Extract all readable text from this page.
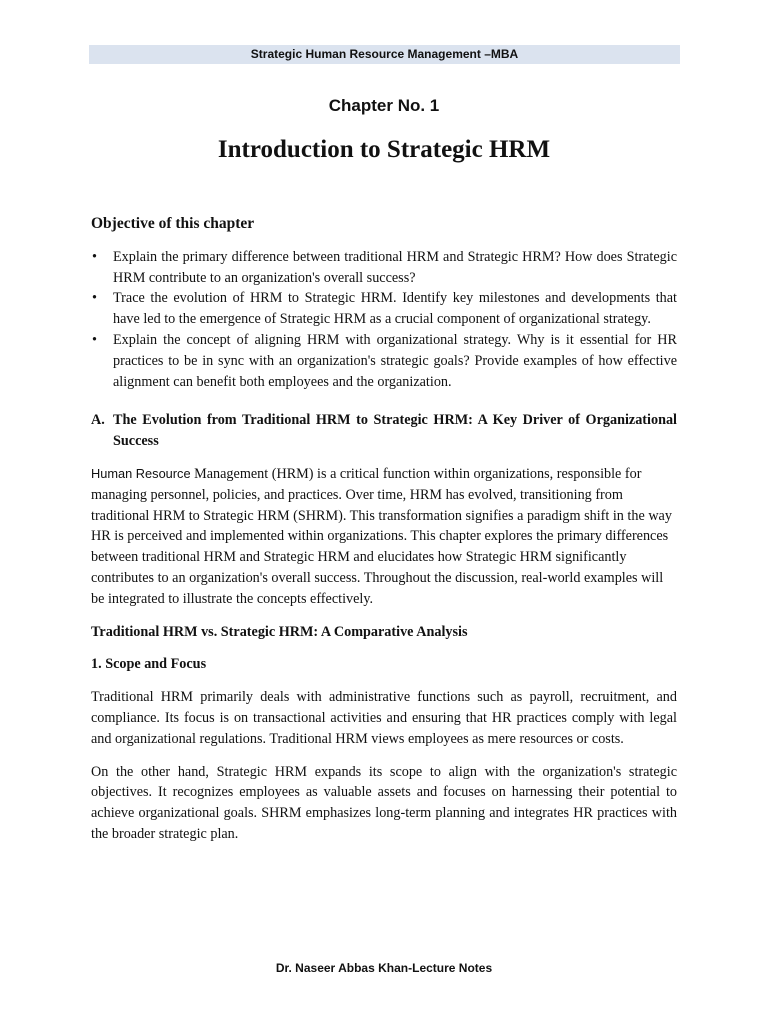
Strategic Human Resource Management –MBA
Chapter No. 1
Introduction to Strategic HRM
Objective of this chapter
• Explain the primary difference between traditional HRM and Strategic HRM? How does Strategic HRM contribute to an organization's overall success?
• Trace the evolution of HRM to Strategic HRM. Identify key milestones and developments that have led to the emergence of Strategic HRM as a crucial component of organizational strategy.
• Explain the concept of aligning HRM with organizational strategy. Why is it essential for HR practices to be in sync with an organization's strategic goals? Provide examples of how effective alignment can benefit both employees and the organization.
A. The Evolution from Traditional HRM to Strategic HRM: A Key Driver of Organizational Success

Human Resource Management (HRM) is a critical function within organizations, responsible for managing personnel, policies, and practices. Over time, HRM has evolved, transitioning from traditional HRM to Strategic HRM (SHRM). This transformation signifies a paradigm shift in the way HR is perceived and implemented within organizations. This chapter explores the primary differences between traditional HRM and Strategic HRM and elucidates how Strategic HRM significantly contributes to an organization's overall success. Throughout the discussion, real-world examples will be integrated to illustrate the concepts effectively.

Traditional HRM vs. Strategic HRM: A Comparative Analysis

1. Scope and Focus

Traditional HRM primarily deals with administrative functions such as payroll, recruitment, and compliance. Its focus is on transactional activities and ensuring that HR practices comply with legal and organizational regulations. Traditional HRM views employees as mere resources or costs.

On the other hand, Strategic HRM expands its scope to align with the organization's strategic objectives. It recognizes employees as valuable assets and focuses on harnessing their potential to achieve organizational goals. SHRM emphasizes long-term planning and integrates HR practices with the broader strategic plan.

Dr. Naseer Abbas Khan-Lecture Notes
